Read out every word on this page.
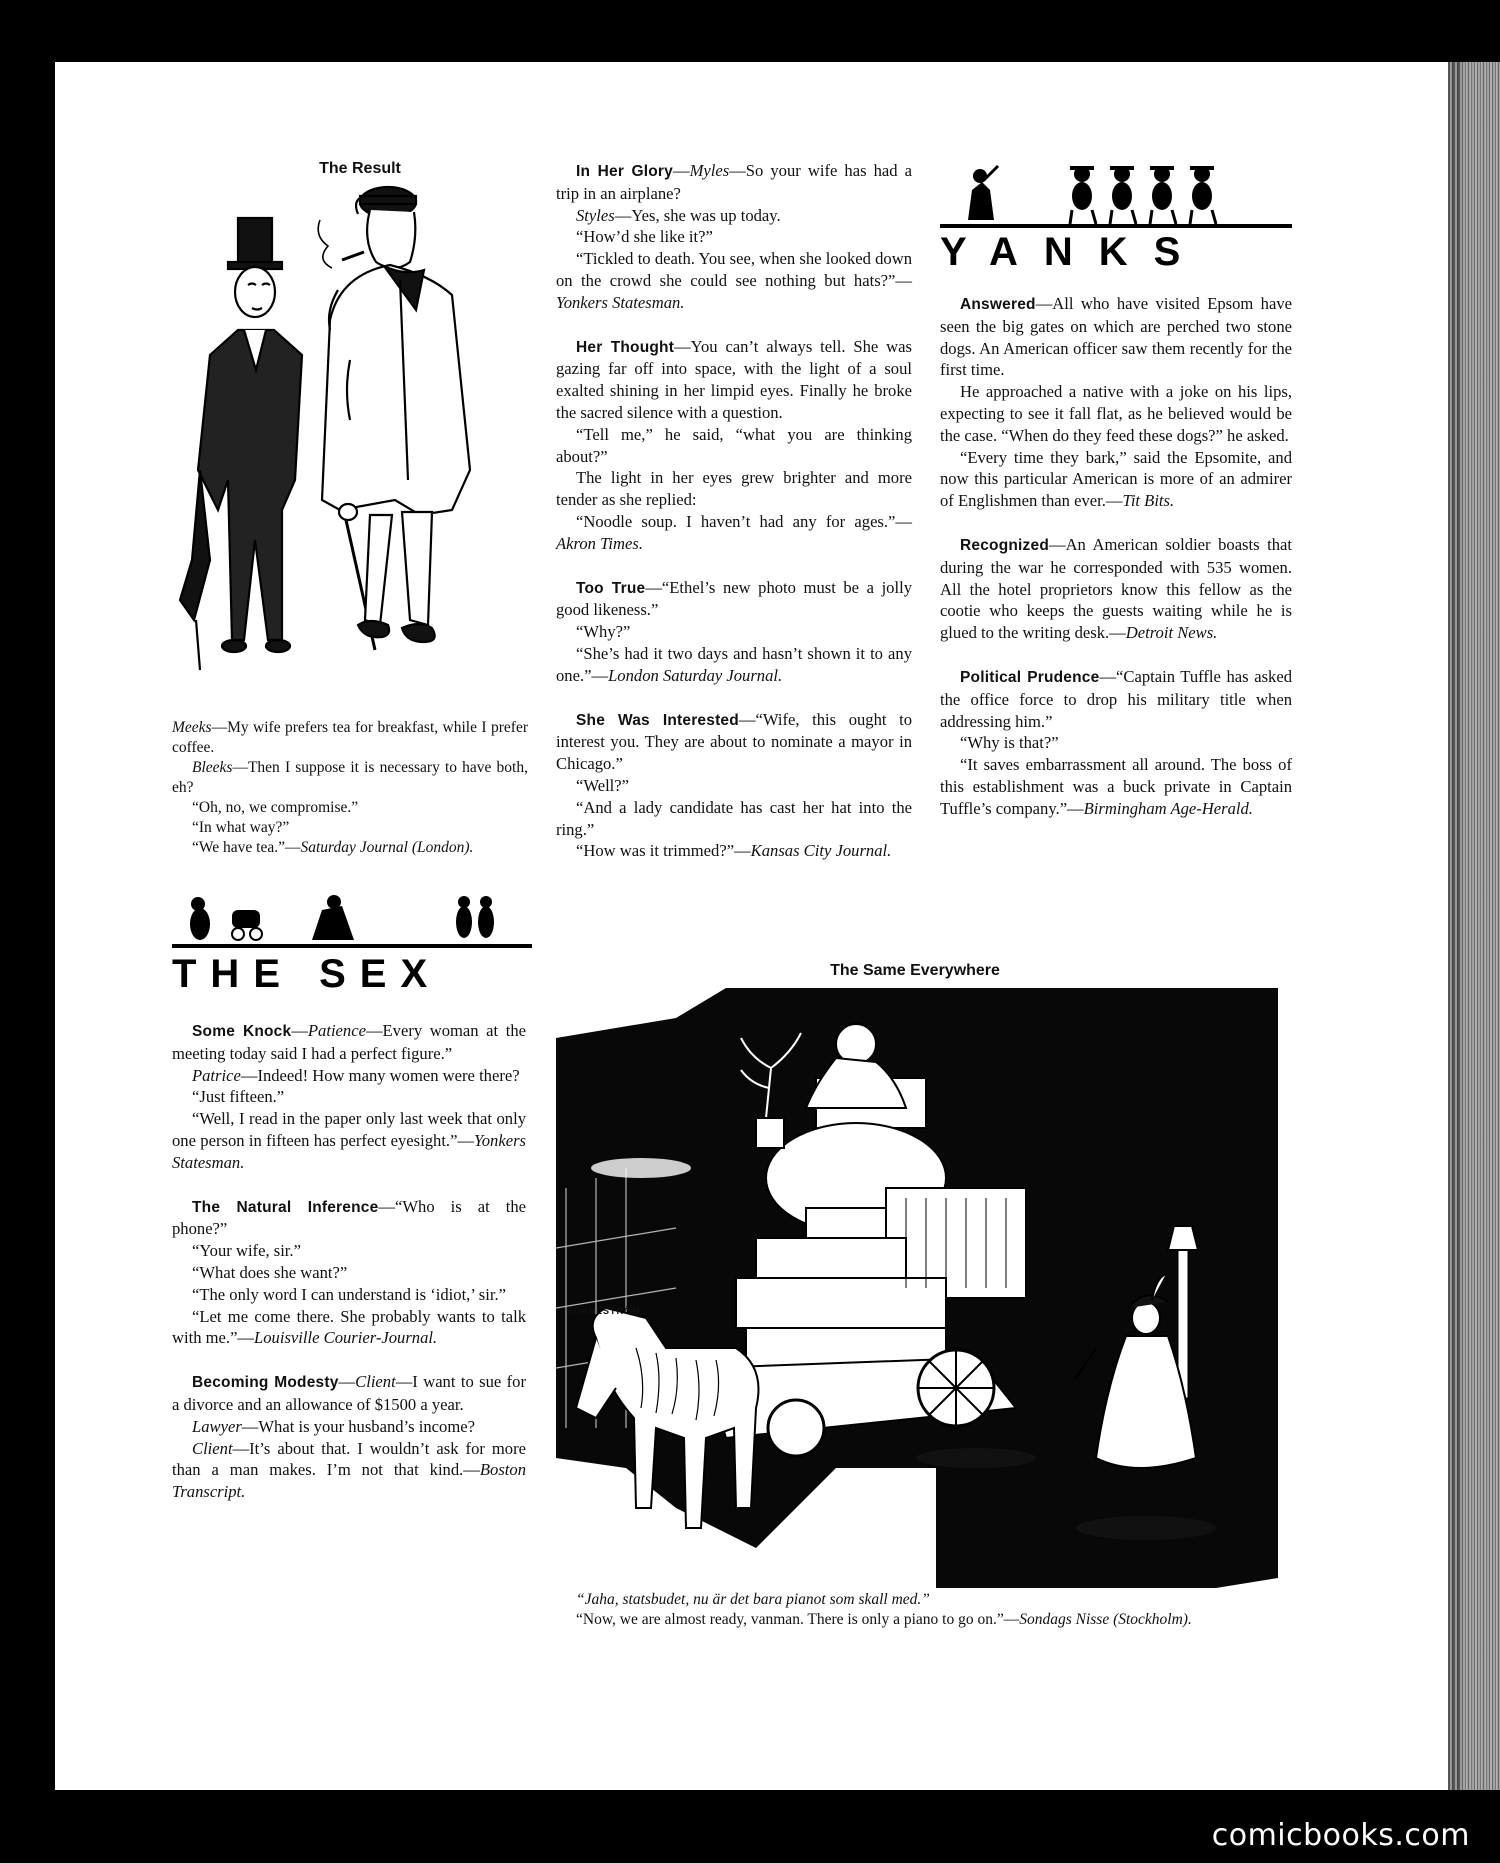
The Result

Meeks—My wife prefers tea for breakfast, while I prefer coffee.

Bleeks—Then I suppose it is necessary to have both, eh?

“Oh, no, we compromise.”

“In what way?”

“We have tea.”—Saturday Journal (London).

THE SEX

Some Knock—Patience—Every woman at the meeting today said I had a perfect figure.”

Patrice—Indeed! How many women were there?

“Just fifteen.”

“Well, I read in the paper only last week that only one person in fifteen has perfect eyesight.”—Yonkers Statesman.

The Natural Inference—“Who is at the phone?”

“Your wife, sir.”

“What does she want?”

“The only word I can understand is ‘idiot,’ sir.”

“Let me come there. She probably wants to talk with me.”—Louisville Courier-Journal.

Becoming Modesty—Client—I want to sue for a divorce and an allowance of $1500 a year.

Lawyer—What is your husband’s income?

Client—It’s about that. I wouldn’t ask for more than a man makes. I’m not that kind.—Boston Transcript.

In Her Glory—Myles—So your wife has had a trip in an airplane?

Styles—Yes, she was up today.

“How’d she like it?”

“Tickled to death. You see, when she looked down on the crowd she could see nothing but hats?”—Yonkers Statesman.

Her Thought—You can’t always tell. She was gazing far off into space, with the light of a soul exalted shining in her limpid eyes. Finally he broke the sacred silence with a question.

“Tell me,” he said, “what you are thinking about?”

The light in her eyes grew brighter and more tender as she replied:

“Noodle soup. I haven’t had any for ages.”—Akron Times.

Too True—“Ethel’s new photo must be a jolly good likeness.”

“Why?”

“She’s had it two days and hasn’t shown it to any one.”—London Saturday Journal.

She Was Interested—“Wife, this ought to interest you. They are about to nominate a mayor in Chicago.”

“Well?”

“And a lady candidate has cast her hat into the ring.”

“How was it trimmed?”—Kansas City Journal.

YANKS

Answered—All who have visited Epsom have seen the big gates on which are perched two stone dogs. An American officer saw them recently for the first time.

He approached a native with a joke on his lips, expecting to see it fall flat, as he believed would be the case. “When do they feed these dogs?” he asked.

“Every time they bark,” said the Epsomite, and now this particular American is more of an admirer of Englishmen than ever.—Tit Bits.

Recognized—An American soldier boasts that during the war he corresponded with 535 women. All the hotel proprietors know this fellow as the cootie who keeps the guests waiting while he is glued to the writing desk.—Detroit News.

Political Prudence—“Captain Tuffle has asked the office force to drop his military title when addressing him.”

“Why is that?”

“It saves embarrassment all around. The boss of this establishment was a buck private in Captain Tuffle’s company.”—Birmingham Age-Herald.

The Same Everywhere
HOAHLSTRÖM

“Jaha, statsbudet, nu är det bara pianot som skall med.”

“Now, we are almost ready, vanman. There is only a piano to go on.”—Sondags Nisse (Stockholm).

comicbooks.com
